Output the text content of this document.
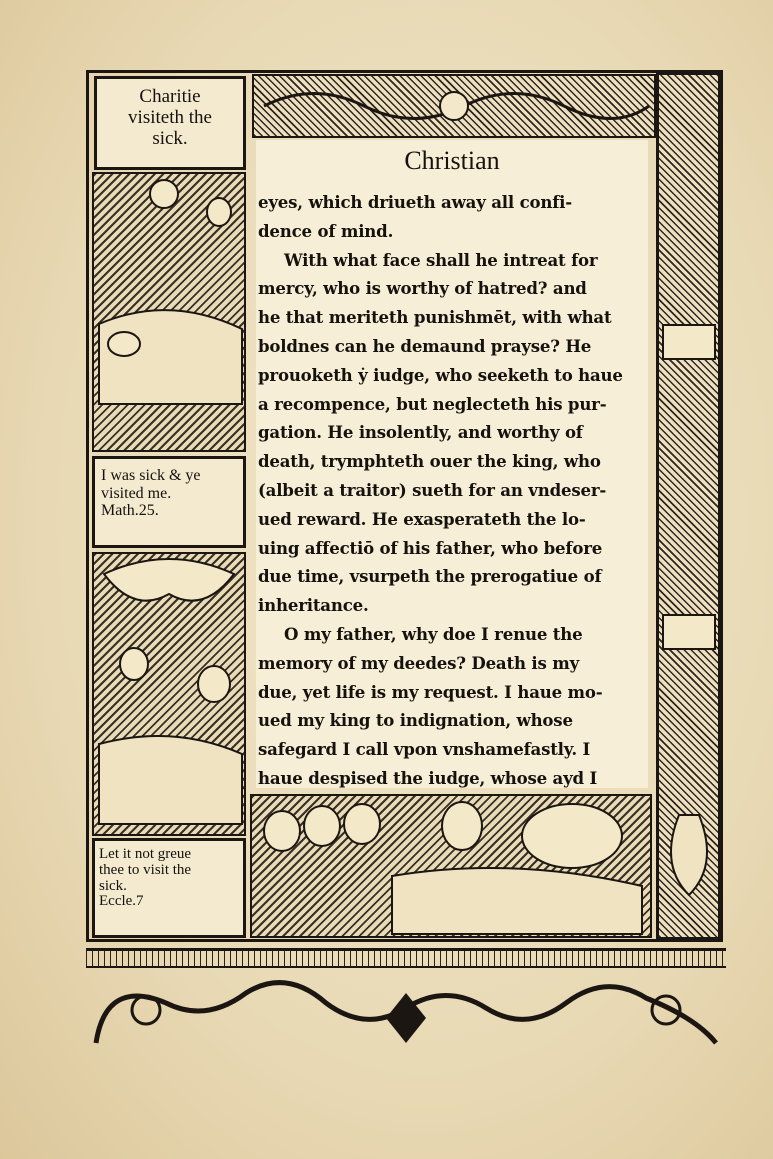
Charitie
visiteth the
sick.
I was sick & ye
visited me.
Math.25.
Let it not greue
thee to visit the
sick.
Eccle.7
Christian
eyes, which driueth away all confi-
dence of mind.
With what face shall he intreat for
mercy, who is worthy of hatred? and
he that meriteth punishmēt, with what
boldnes can he demaund prayse? He
prouoketh ẏ iudge, who seeketh to haue
a recompence, but neglecteth his pur-
gation. He insolently, and worthy of
death, trymphteth ouer the king, who
(albeit a traitor) sueth for an vndeser-
ued reward. He exasperateth the lo-
uing affectiō of his father, who before
due time, vsurpeth the prerogatiue of
inheritance.
O my father, why doe I renue the
memory of my deedes? Death is my
due, yet life is my request. I haue mo-
ued my king to indignation, whose
safegard I call vpon vnshamefastly. I
haue despised the iudge, whose ayd I
